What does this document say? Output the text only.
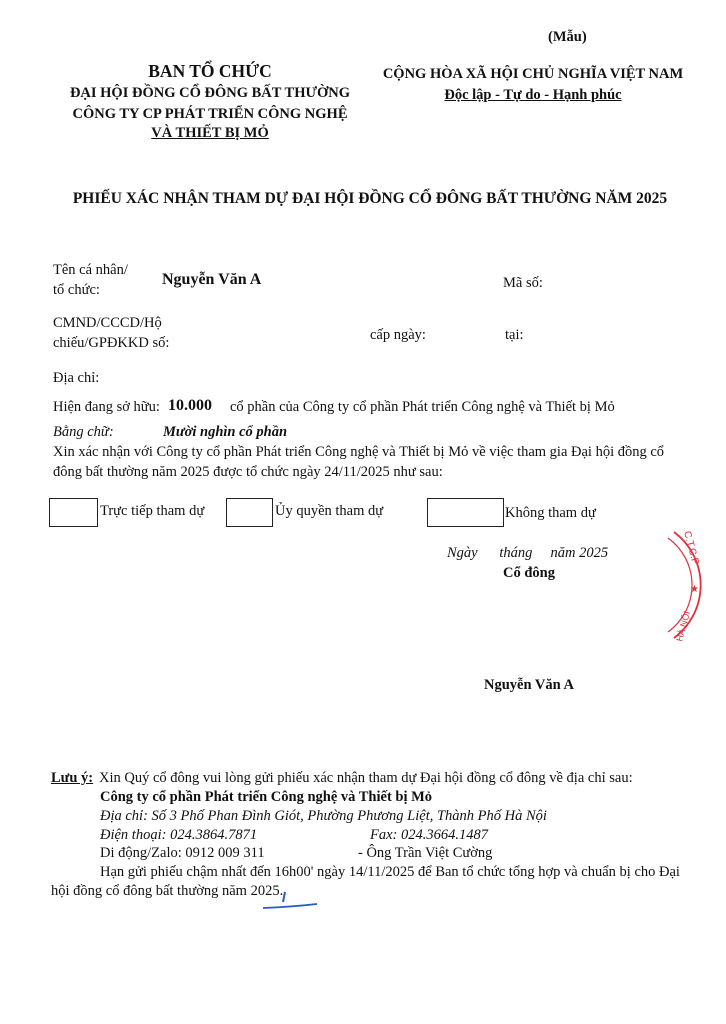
(Mẫu)
BAN TỔ CHỨC
ĐẠI HỘI ĐỒNG CỔ ĐÔNG BẤT THƯỜNG
CÔNG TY CP PHÁT TRIỂN CÔNG NGHỆ
VÀ THIẾT BỊ MỎ
CỘNG HÒA XÃ HỘI CHỦ NGHĨA VIỆT NAM
Độc lập - Tự do - Hạnh phúc
PHIẾU XÁC NHẬN THAM DỰ ĐẠI HỘI ĐỒNG CỔ ĐÔNG BẤT THƯỜNG NĂM 2025
Tên cá nhân/
tổ chức:
Nguyễn Văn A	Mã số:
CMND/CCCD/Hộ
chiếu/GPĐKKD số:	cấp ngày:	tại:
Địa chỉ:
Hiện đang sở hữu: 10.000 cổ phần của Công ty cổ phần Phát triển Công nghệ và Thiết bị Mỏ
Bằng chữ:	Mười nghìn cổ phần
Xin xác nhận với Công ty cổ phần Phát triển Công nghệ và Thiết bị Mỏ về việc tham gia Đại hội đồng cổ
đông bất thường năm 2025 được tổ chức ngày 24/11/2025 như sau:
Trực tiếp tham dự	Ủy quyền tham dự	Không tham dự
Ngày      tháng     năm 2025
Cổ đông
Nguyễn Văn A
C.T.C.P
★
HÀ NỘI
Lưu ý: Xin Quý cổ đông vui lòng gửi phiếu xác nhận tham dự Đại hội đồng cổ đông về địa chỉ sau:
Công ty cổ phần Phát triển Công nghệ và Thiết bị Mỏ
Địa chỉ: Số 3 Phố Phan Đình Giót, Phường Phương Liệt, Thành Phố Hà Nội
Điện thoại: 024.3864.7871	Fax: 024.3664.1487
Di động/Zalo: 0912 009 311	- Ông Trần Việt Cường
Hạn gửi phiếu chậm nhất đến 16h00' ngày 14/11/2025 để Ban tổ chức tổng hợp và chuẩn bị cho Đại
hội đồng cổ đông bất thường năm 2025.
